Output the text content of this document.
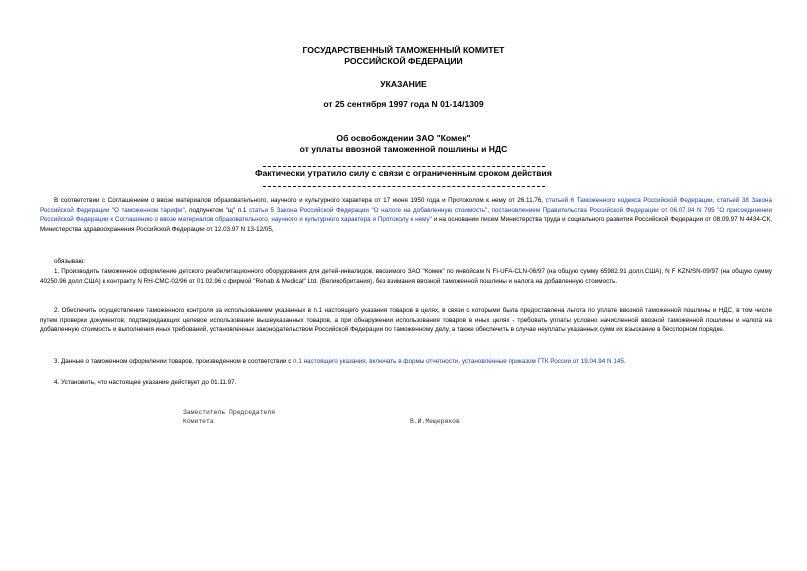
ГОСУДАРСТВЕННЫЙ ТАМОЖЕННЫЙ КОМИТЕТ
РОССИЙСКОЙ ФЕДЕРАЦИИ
УКАЗАНИЕ
от 25 сентября 1997 года N 01-14/1309
Об освобождении ЗАО "Комек"
от уплаты ввозной таможенной пошлины и НДС
Фактически утратило силу с связи с ограниченным сроком действия
В соответствии с Соглашением о ввозе материалов образовательного, научного и культурного характера от 17 июня 1950 года и Протоколом к нему от 26.11.76, статьей 6 Таможенного кодекса Российской Федерации, статьей 38 Закона Российской Федерации "О таможенном тарифе", подпунктом "щ" п.1 статьи 5 Закона Российской Федерации "О налоге на добавленную стоимость", постановлением Правительства Российской Федерации от 06.07.94 N 795 "О присоединении Российской Федерации к Соглашению о ввозе материалов образовательного, научного и культурного характера и Протоколу к нему" и на основании писем Министерства труда и социального развития Российской Федерации от 08.09.97 N 4434-СК, Министерства здравоохранения Российской Федерации от 12.03.97 N 13-12/05,
обязываю:
1. Производить таможенное оформление детского реабилитационного оборудования для детей-инвалидов, ввозимого ЗАО "Комек" по инвойсам N FI-UFA-CLN-06/97 (на общую сумму 65982.91 долл.США), N F KZN/SN-09/97 (на общую сумму 40250.96 долл.США) к контракту N RH-CMC-02/96 от 01.02.96 с фирмой "Rehab & Medical" Ltd. (Великобритания), без взимания ввозной таможенной пошлины и налога на добавленную стоимость.
2. Обеспечить осуществление таможенного контроля за использованием указанных в п.1 настоящего указания товаров в целях, в связи с которыми была предоставлена льгота по уплате ввозной таможенной пошлины и НДС, в том числе путем проверки документов, подтверждающих целевое использование вышеуказанных товаров, а при обнаружении использования товаров в иных целях - требовать уплаты условно начисленной ввозной таможенной пошлины и налога на добавленную стоимость и выполнения иных требований, установленных законодательством Российской Федерации по таможенному делу, а также обеспечить в случае неуплаты указанных сумм их взыскание в бесспорном порядке.
3. Данные о таможенном оформлении товаров, произведенном в соответствии с п.1 настоящего указания, включать в формы отчетности, установленные приказом ГТК России от 19.04.94 N 145.
4. Установить, что настоящее указание действует до 01.11.97.
Заместитель Председателя
Комитета	В.И.Мещеряков
